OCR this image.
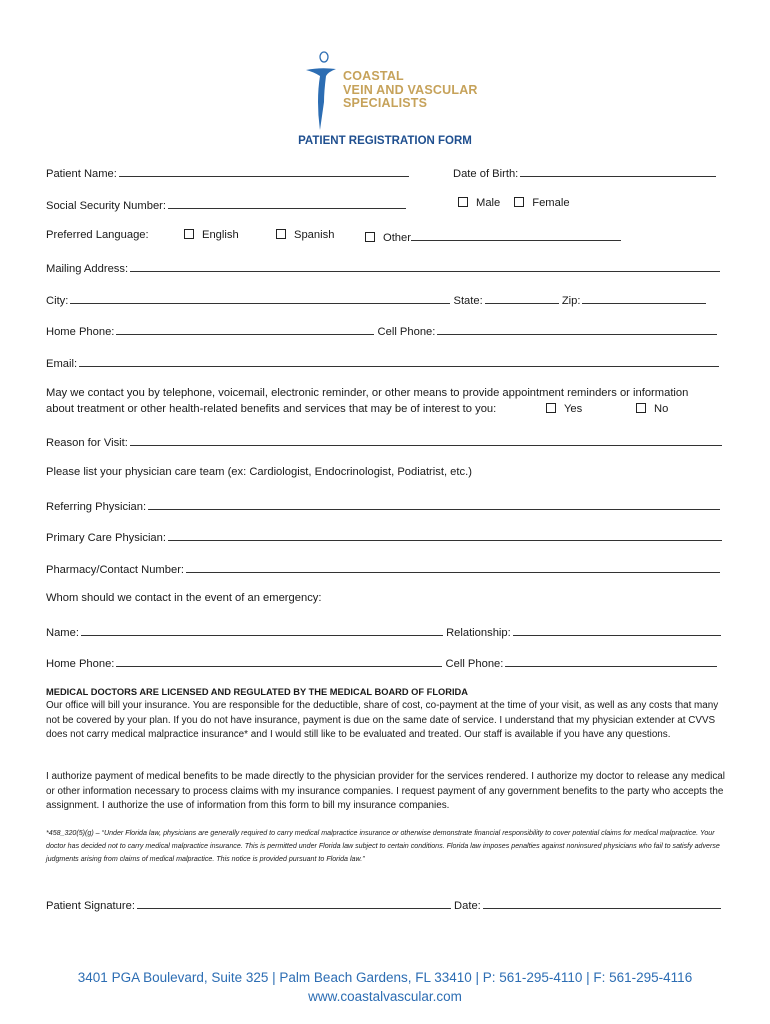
COASTAL
VEIN AND VASCULAR
SPECIALISTS
PATIENT REGISTRATION FORM
Patient Name:	Date of Birth:
Social Security Number:	Male	Female
Preferred Language:	English	Spanish	Other
Mailing Address:
City:	State:	Zip:
Home Phone:	Cell Phone:
Email:
May we contact you by telephone, voicemail, electronic reminder, or other means to provide appointment reminders or information
about treatment or other health-related benefits and services that may be of interest to you:	Yes	No
Reason for Visit:
Please list your physician care team (ex: Cardiologist, Endocrinologist, Podiatrist, etc.)
Referring Physician:
Primary Care Physician:
Pharmacy/Contact Number:
Whom should we contact in the event of an emergency:
Name:	Relationship:
Home Phone:	Cell Phone:
MEDICAL DOCTORS ARE LICENSED AND REGULATED BY THE MEDICAL BOARD OF FLORIDA
Our office will bill your insurance. You are responsible for the deductible, share of cost, co-payment at the time of your visit, as well as any costs that many not be covered by your plan. If you do not have insurance, payment is due on the same date of service. I understand that my physician extender at CVVS does not carry medical malpractice insurance* and I would still like to be evaluated and treated. Our staff is available if you have any questions.
I authorize payment of medical benefits to be made directly to the physician provider for the services rendered. I authorize my doctor to release any medical or other information necessary to process claims with my insurance companies. I request payment of any government benefits to the party who accepts the assignment. I authorize the use of information from this form to bill my insurance companies.
*458_320(5)(g) – “Under Florida law, physicians are generally required to carry medical malpractice insurance or otherwise demonstrate financial responsibility to cover potential claims for medical malpractice. Your doctor has decided not to carry medical malpractice insurance. This is permitted under Florida law subject to certain conditions. Florida law imposes penalties against noninsured physicians who fail to satisfy adverse judgments arising from claims of medical malpractice. This notice is provided pursuant to Florida law.”
Patient Signature:	Date:
3401 PGA Boulevard, Suite 325 | Palm Beach Gardens, FL 33410 | P: 561-295-4110 | F: 561-295-4116
www.coastalvascular.com
